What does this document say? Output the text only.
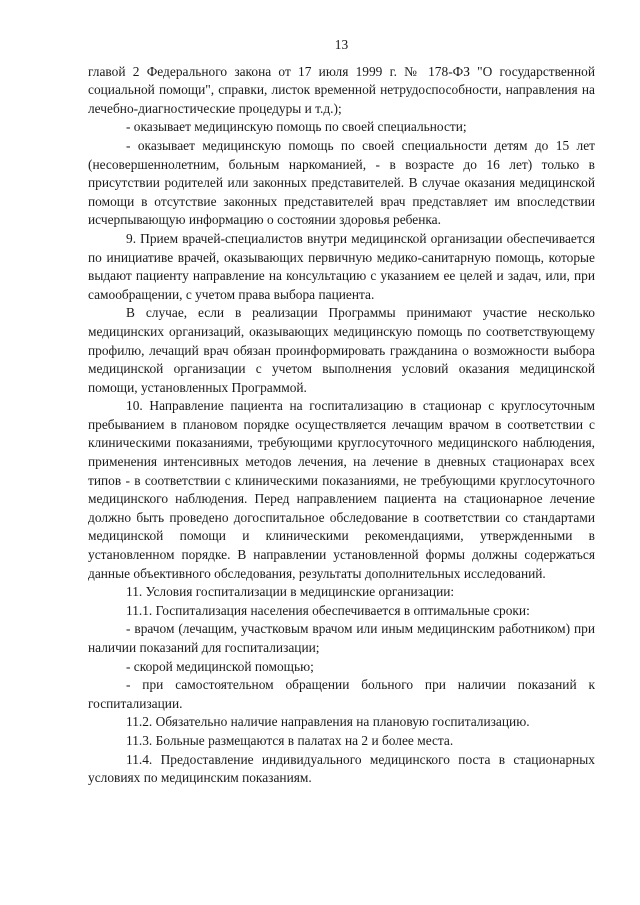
13

главой 2 Федерального закона от 17 июля 1999 г. № 178-ФЗ "О государственной социальной помощи", справки, листок временной нетрудоспособности, направления на лечебно-диагностические процедуры и т.д.);

- оказывает медицинскую помощь по своей специальности;

- оказывает медицинскую помощь по своей специальности детям до 15 лет (несовершеннолетним, больным наркоманией, - в возрасте до 16 лет) только в присутствии родителей или законных представителей. В случае оказания медицинской помощи в отсутствие законных представителей врач представляет им впоследствии исчерпывающую информацию о состоянии здоровья ребенка.

9. Прием врачей-специалистов внутри медицинской организации обеспечивается по инициативе врачей, оказывающих первичную медико-санитарную помощь, которые выдают пациенту направление на консультацию с указанием ее целей и задач, или, при самообращении, с учетом права выбора пациента.

В случае, если в реализации Программы принимают участие несколько медицинских организаций, оказывающих медицинскую помощь по соответствующему профилю, лечащий врач обязан проинформировать гражданина о возможности выбора медицинской организации с учетом выполнения условий оказания медицинской помощи, установленных Программой.

10. Направление пациента на госпитализацию в стационар с круглосуточным пребыванием в плановом порядке осуществляется лечащим врачом в соответствии с клиническими показаниями, требующими круглосуточного медицинского наблюдения, применения интенсивных методов лечения, на лечение в дневных стационарах всех типов - в соответствии с клиническими показаниями, не требующими круглосуточного медицинского наблюдения. Перед направлением пациента на стационарное лечение должно быть проведено догоспитальное обследование в соответствии со стандартами медицинской помощи и клиническими рекомендациями, утвержденными в установленном порядке. В направлении установленной формы должны содержаться данные объективного обследования, результаты дополнительных исследований.

11. Условия госпитализации в медицинские организации:

11.1. Госпитализация населения обеспечивается в оптимальные сроки:

- врачом (лечащим, участковым врачом или иным медицинским работником) при наличии показаний для госпитализации;

- скорой медицинской помощью;

- при самостоятельном обращении больного при наличии показаний к госпитализации.

11.2. Обязательно наличие направления на плановую госпитализацию.

11.3. Больные размещаются в палатах на 2 и более места.

11.4. Предоставление индивидуального медицинского поста в стационарных условиях по медицинским показаниям.
